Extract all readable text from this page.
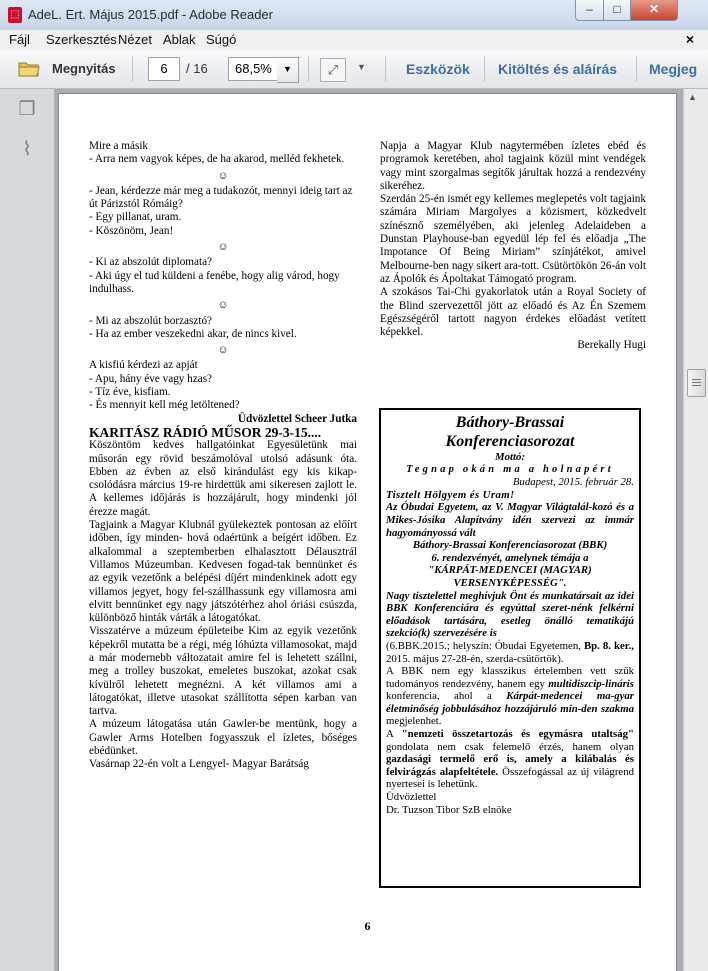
⬚ AdeL. Ert. Május 2015.pdf - Adobe Reader	–	□	✕
Fájl Szerkesztés Nézet Ablak Súgó	×
Megnyitás	6	/ 16	68,5%	▼	⤢	▼	Eszközök Kitöltés és aláírás Megjeg
❐
⌇	Mire a másik

- Arra nem vagyok képes, de ha akarod, melléd fekhetek.

☺

- Jean, kérdezze már meg a tudakozót, mennyi ideig tart az út Párizstól Rómáig?

- Egy pillanat, uram.

- Köszönöm, Jean!

☺

- Ki az abszolút diplomata?

- Aki úgy el tud küldeni a fenébe, hogy alig várod, hogy indulhass.

☺

- Mi az abszolút borzasztó?

- Ha az ember veszekedni akar, de nincs kivel.

☺

A kisfiú kérdezi az apját

- Apu, hány éve vagy hzas?

- Tíz éve, kisfiam.

- És mennyit kell még letöltened?

Üdvözlettel Scheer Jutka

KARITÁSZ RÁDIÓ MŰSOR 29-3-15....

Köszöntöm kedves hallgatóinkat Egyesületünk mai műsorán egy rövid beszámolóval utolsó adásunk óta. Ebben az évben az első kirándulást egy kis kikap-csolódásra március 19-re hirdettük ami sikeresen zajlott le. A kellemes időjárás is hozzájárult, hogy mindenki jól érezze magát.

Tagjaink a Magyar Klubnál gyülekeztek pontosan az előírt időben, így minden- hová odaértünk a beígért időben. Ez alkalommal a szeptemberben elhalasztott Délausztrál Villamos Múzeumban. Kedvesen fogad-tak bennünket és az egyik vezetőnk a belépési díjért mindenkinek adott egy villamos jegyet, hogy fel-szállhassunk egy villamosra ami elvitt bennünket egy nagy játszótérhez ahol óriási csúszda, különböző hinták várták a látogatókat.

Visszatérve a múzeum épületeibe Kim az egyik vezetőnk képekről mutatta be a régi, még lóhúzta villamosokat, majd a már modernebb változatait amire fel is lehetett szállni, meg a trolley buszokat, emeletes buszokat, azokat csak kívülről lehetett megnézni. A két villamos ami a látogatókat, illetve utasokat szállította sépen karban van tartva.

A múzeum látogatása után Gawler-be mentünk, hogy a Gawler Arms Hotelben fogyasszuk el ízletes, bőséges ebédünket.

Vasárnap 22-én volt a Lengyel- Magyar Barátság

Napja a Magyar Klub nagytermében ízletes ebéd és programok keretében, ahol tagjaink közül mint vendégek vagy mint szorgalmas segítők járultak hozzá a rendezvény sikeréhez.

Szerdán 25-én ismét egy kellemes meglepetés volt tagjaink számára Miriam Margolyes a közismert, közkedvelt színésznő személyében, aki jelenleg Adelaideben a Dunstan Playhouse-ban egyedül lép fel és előadja „The Impotance Of Being Miriam” színjátékot, amivel Melbourne-ben nagy sikert ara-tott. Csütörtökön 26-án volt az Ápolók és Ápoltakat Támogató program.

A szokásos Tai-Chi gyakorlatok után a Royal Society of the Blind szervezettől jött az előadó és Az Én Szemem Egészségéről tartott nagyon érdekes előadást vetített képekkel.

Berekally Hugi

Báthory-Brassai

Konferenciasorozat

Mottó:

Tegnap okán ma a holnapért

Budapest, 2015. február 28.

Tisztelt Hölgyem és Uram!

Az Óbudai Egyetem, az V. Magyar Világtalál-kozó és a Mikes-Jósika Alapítvány idén szervezi az immár hagyományossá vált

Báthory-Brassai Konferenciasorozat (BBK)

6. rendezvényét, amelynek témája a

"KÁRPÁT-MEDENCEI (MAGYAR)

VERSENYKÉPESSÉG".

Nagy tisztelettel meghívjuk Önt és munkatársait az idei BBK Konferenciára és egyúttal szeret-nénk felkérni előadások tartására, esetleg önálló tematikájú szekció(k) szervezésére is

(6.BBK.2015.; helyszín: Óbudai Egyetemen, Bp. 8. ker., 2015. május 27-28-én, szerda-csütörtök).

A BBK nem egy klasszikus értelemben vett szűk tudományos rendezvény, hanem egy multidiszcip-lináris konferencia, ahol a Kárpát-medencei ma-gyar életminőség jobbulásához hozzájáruló min-den szakma megjelenhet.

A "nemzeti összetartozás és egymásra utaltság" gondolata nem csak felemelő érzés, hanem olyan gazdasági termelő erő is, amely a kilábalás és felvirágzás alapfeltétele. Összefogással az új világrend nyertesei is lehetünk.

Üdvözlettel

Dr. Tuzson Tibor SzB elnöke

6
▲
